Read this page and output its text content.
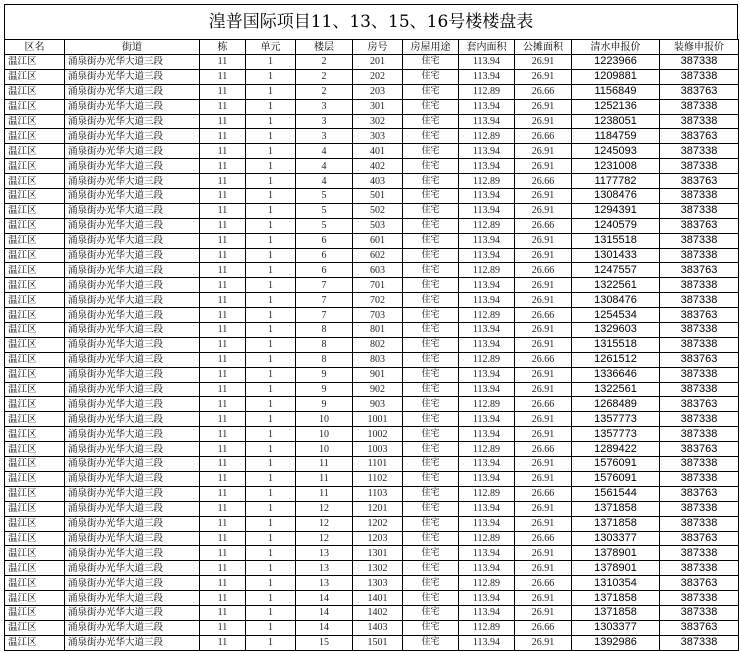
湟普国际项目11、13、15、16号楼楼盘表
区名	街道	栋	单元	楼层	房号	房屋用途	套内面积	公摊面积	清水申报价	装修申报价
温江区	涌泉街办光华大道三段	11	1	2	201	住宅	113.94	26.91	1223966	387338
温江区	涌泉街办光华大道三段	11	1	2	202	住宅	113.94	26.91	1209881	387338
温江区	涌泉街办光华大道三段	11	1	2	203	住宅	112.89	26.66	1156849	383763
温江区	涌泉街办光华大道三段	11	1	3	301	住宅	113.94	26.91	1252136	387338
温江区	涌泉街办光华大道三段	11	1	3	302	住宅	113.94	26.91	1238051	387338
温江区	涌泉街办光华大道三段	11	1	3	303	住宅	112.89	26.66	1184759	383763
温江区	涌泉街办光华大道三段	11	1	4	401	住宅	113.94	26.91	1245093	387338
温江区	涌泉街办光华大道三段	11	1	4	402	住宅	113.94	26.91	1231008	387338
温江区	涌泉街办光华大道三段	11	1	4	403	住宅	112.89	26.66	1177782	383763
温江区	涌泉街办光华大道三段	11	1	5	501	住宅	113.94	26.91	1308476	387338
温江区	涌泉街办光华大道三段	11	1	5	502	住宅	113.94	26.91	1294391	387338
温江区	涌泉街办光华大道三段	11	1	5	503	住宅	112.89	26.66	1240579	383763
温江区	涌泉街办光华大道三段	11	1	6	601	住宅	113.94	26.91	1315518	387338
温江区	涌泉街办光华大道三段	11	1	6	602	住宅	113.94	26.91	1301433	387338
温江区	涌泉街办光华大道三段	11	1	6	603	住宅	112.89	26.66	1247557	383763
温江区	涌泉街办光华大道三段	11	1	7	701	住宅	113.94	26.91	1322561	387338
温江区	涌泉街办光华大道三段	11	1	7	702	住宅	113.94	26.91	1308476	387338
温江区	涌泉街办光华大道三段	11	1	7	703	住宅	112.89	26.66	1254534	383763
温江区	涌泉街办光华大道三段	11	1	8	801	住宅	113.94	26.91	1329603	387338
温江区	涌泉街办光华大道三段	11	1	8	802	住宅	113.94	26.91	1315518	387338
温江区	涌泉街办光华大道三段	11	1	8	803	住宅	112.89	26.66	1261512	383763
温江区	涌泉街办光华大道三段	11	1	9	901	住宅	113.94	26.91	1336646	387338
温江区	涌泉街办光华大道三段	11	1	9	902	住宅	113.94	26.91	1322561	387338
温江区	涌泉街办光华大道三段	11	1	9	903	住宅	112.89	26.66	1268489	383763
温江区	涌泉街办光华大道三段	11	1	10	1001	住宅	113.94	26.91	1357773	387338
温江区	涌泉街办光华大道三段	11	1	10	1002	住宅	113.94	26.91	1357773	387338
温江区	涌泉街办光华大道三段	11	1	10	1003	住宅	112.89	26.66	1289422	383763
温江区	涌泉街办光华大道三段	11	1	11	1101	住宅	113.94	26.91	1576091	387338
温江区	涌泉街办光华大道三段	11	1	11	1102	住宅	113.94	26.91	1576091	387338
温江区	涌泉街办光华大道三段	11	1	11	1103	住宅	112.89	26.66	1561544	383763
温江区	涌泉街办光华大道三段	11	1	12	1201	住宅	113.94	26.91	1371858	387338
温江区	涌泉街办光华大道三段	11	1	12	1202	住宅	113.94	26.91	1371858	387338
温江区	涌泉街办光华大道三段	11	1	12	1203	住宅	112.89	26.66	1303377	383763
温江区	涌泉街办光华大道三段	11	1	13	1301	住宅	113.94	26.91	1378901	387338
温江区	涌泉街办光华大道三段	11	1	13	1302	住宅	113.94	26.91	1378901	387338
温江区	涌泉街办光华大道三段	11	1	13	1303	住宅	112.89	26.66	1310354	383763
温江区	涌泉街办光华大道三段	11	1	14	1401	住宅	113.94	26.91	1371858	387338
温江区	涌泉街办光华大道三段	11	1	14	1402	住宅	113.94	26.91	1371858	387338
温江区	涌泉街办光华大道三段	11	1	14	1403	住宅	112.89	26.66	1303377	383763
温江区	涌泉街办光华大道三段	11	1	15	1501	住宅	113.94	26.91	1392986	387338
